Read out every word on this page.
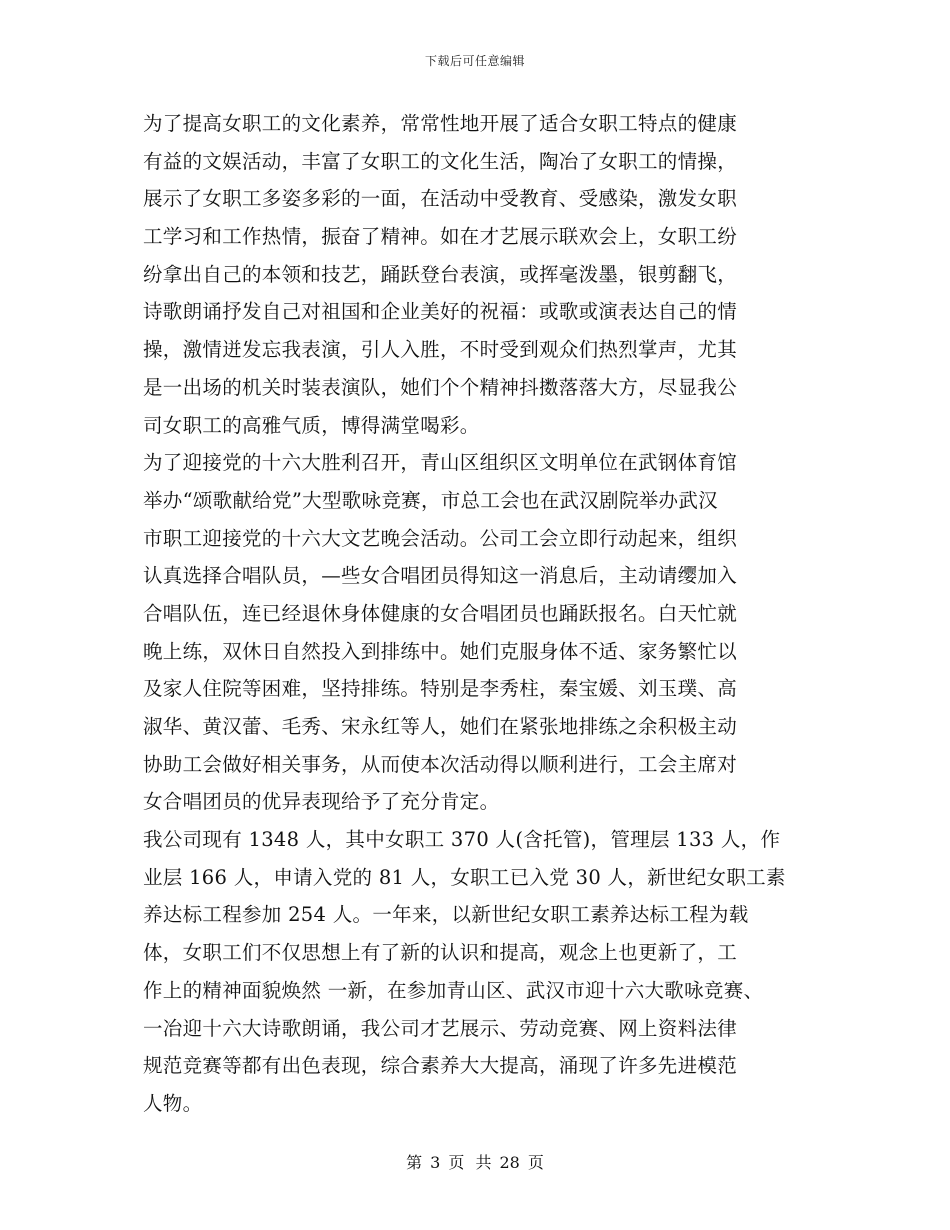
下载后可任意编辑
为了提高女职工的文化素养，常常性地开展了适合女职工特点的健康
有益的文娱活动，丰富了女职工的文化生活，陶冶了女职工的情操，
展示了女职工多姿多彩的一面，在活动中受教育、受感染，激发女职
工学习和工作热情，振奋了精神。如在才艺展示联欢会上，女职工纷
纷拿出自己的本领和技艺，踊跃登台表演，或挥毫泼墨，银剪翻飞，
诗歌朗诵抒发自己对祖国和企业美好的祝福：或歌或演表达自己的情
操，激情迸发忘我表演，引人入胜，不时受到观众们热烈掌声，尤其
是一出场的机关时装表演队，她们个个精神抖擞落落大方，尽显我公
司女职工的高雅气质，博得满堂喝彩。
为了迎接党的十六大胜利召开，青山区组织区文明单位在武钢体育馆
举办“颂歌献给党”大型歌咏竞赛，市总工会也在武汉剧院举办武汉
市职工迎接党的十六大文艺晚会活动。公司工会立即行动起来，组织
认真选择合唱队员，—些女合唱团员得知这一消息后，主动请缨加入
合唱队伍，连已经退休身体健康的女合唱团员也踊跃报名。白天忙就
晚上练，双休日自然投入到排练中。她们克服身体不适、家务繁忙以
及家人住院等困难，坚持排练。特别是李秀柱，秦宝媛、刘玉璞、高
淑华、黄汉蕾、毛秀、宋永红等人，她们在紧张地排练之余积极主动
协助工会做好相关事务，从而使本次活动得以顺利进行，工会主席对
女合唱团员的优异表现给予了充分肯定。
我公司现有 1348 人，其中女职工 370 人(含托管)，管理层 133 人，作
业层 166 人，申请入党的 81 人，女职工已入党 30 人，新世纪女职工素
养达标工程参加 254 人。一年来，以新世纪女职工素养达标工程为载
体，女职工们不仅思想上有了新的认识和提高，观念上也更新了，工
作上的精神面貌焕然 一新，在参加青山区、武汉市迎十六大歌咏竞赛、
一冶迎十六大诗歌朗诵，我公司才艺展示、劳动竞赛、网上资料法律
规范竞赛等都有出色表现，综合素养大大提高，涌现了许多先进模范
人物。
第 3 页 共 28 页
